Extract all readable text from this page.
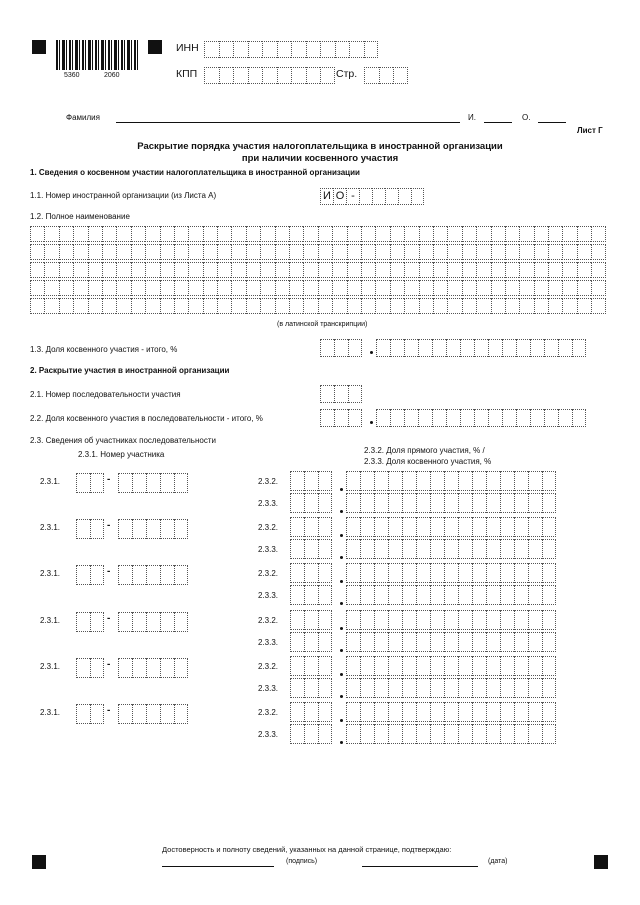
5360	2060
ИНН
КПП	Стр.
Фамилия	И.	О.
Лист Г
Раскрытие порядка участия налогоплательщика в иностранной организации
при наличии косвенного участия
1. Сведения о косвенном участии налогоплательщика в иностранной организации
1.1. Номер иностранной организации (из Листа А)	И О -
1.2. Полное наименование
(в латинской транскрипции)
1.3. Доля косвенного участия - итого, %
2. Раскрытие участия в иностранной организации
2.1. Номер последовательности участия
2.2. Доля косвенного участия в последовательности - итого, %
2.3. Сведения об участниках последовательности
2.3.1. Номер участника	2.3.2. Доля прямого участия, % /
2.3.3. Доля косвенного участия, %
2.3.1.	-	2.3.2.
2.3.3.
2.3.1.	-	2.3.2.
2.3.3.
2.3.1.	-	2.3.2.
2.3.3.
2.3.1.	-	2.3.2.
2.3.3.
2.3.1.	-	2.3.2.
2.3.3.
2.3.1.	-	2.3.2.
2.3.3.
Достоверность и полноту сведений, указанных на данной странице, подтверждаю:
(подпись)	(дата)
